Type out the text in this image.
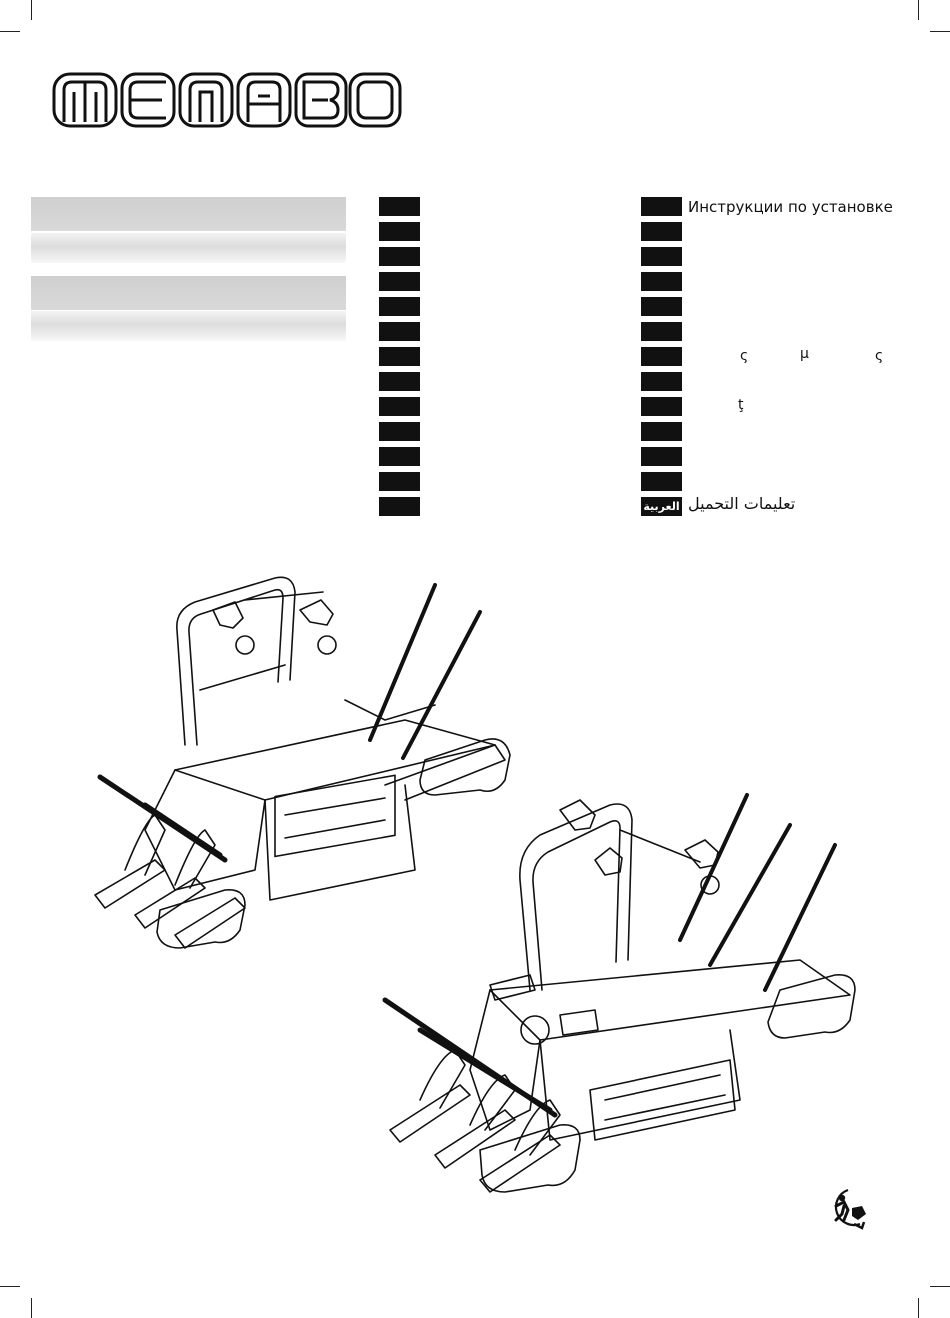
Инструкции по установке
ς	μ	ς
ţ
العربية تعليمات التحميل
